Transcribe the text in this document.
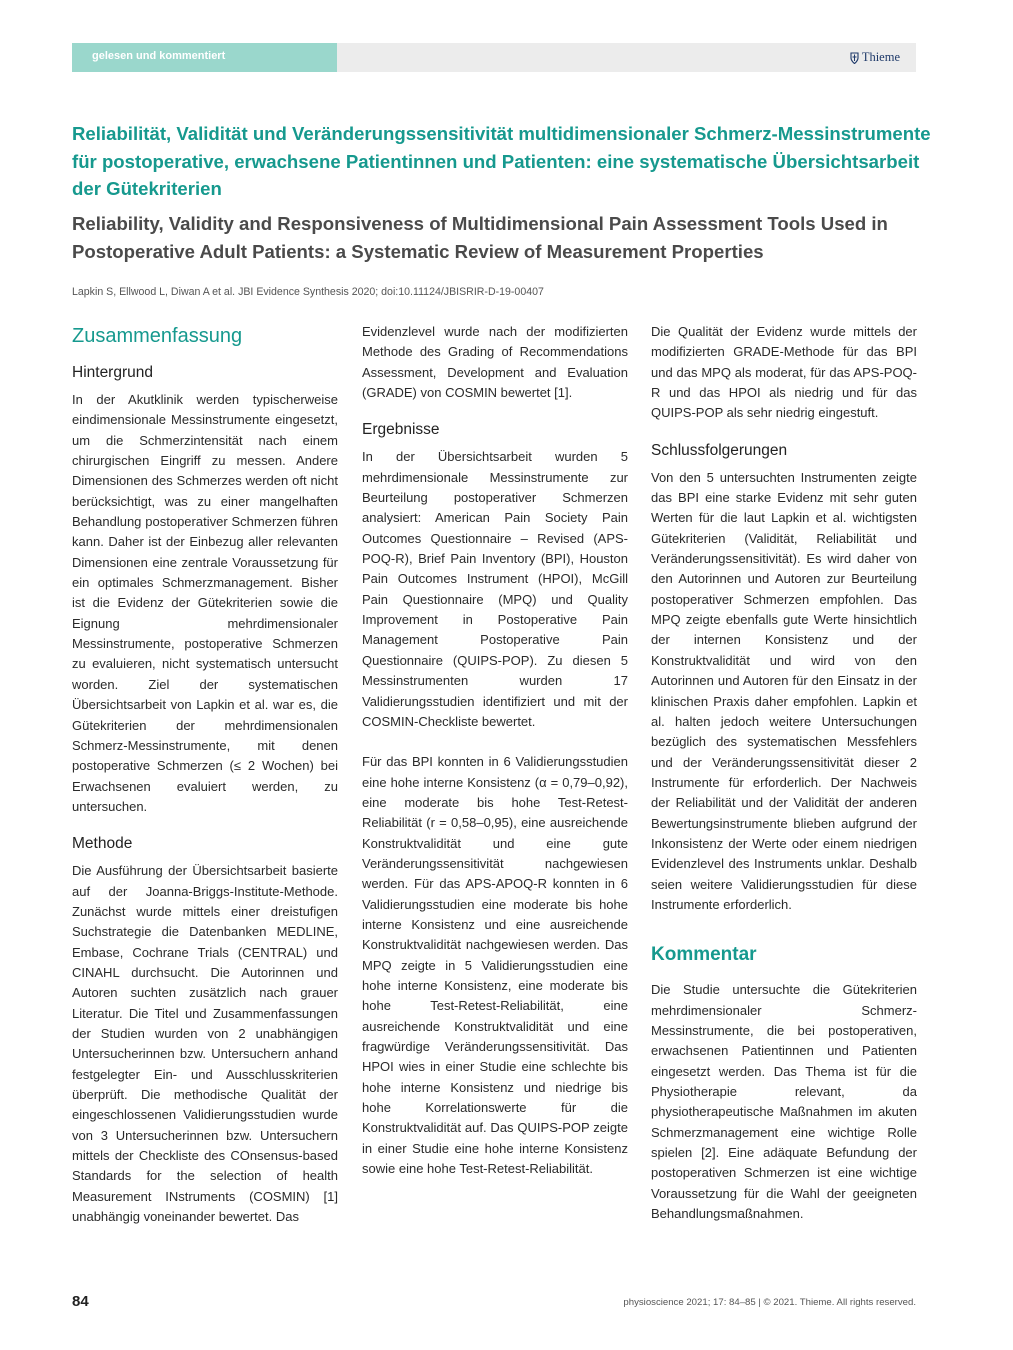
gelesen und kommentiert	Thieme
Reliabilität, Validität und Veränderungssensitivität multidimensionaler Schmerz-Messinstrumente für postoperative, erwachsene Patientinnen und Patienten: eine systematische Übersichtsarbeit der Gütekriterien
Reliability, Validity and Responsiveness of Multidimensional Pain Assessment Tools Used in Postoperative Adult Patients: a Systematic Review of Measurement Properties
Lapkin S, Ellwood L, Diwan A et al. JBI Evidence Synthesis 2020; doi:10.11124/JBISRIR-D-19-00407
Zusammenfassung
Hintergrund

In der Akutklinik werden typischerweise eindimensionale Messinstrumente eingesetzt, um die Schmerzintensität nach einem chirurgischen Eingriff zu messen. Andere Dimensionen des Schmerzes werden oft nicht berücksichtigt, was zu einer mangelhaften Behandlung postoperativer Schmerzen führen kann. Daher ist der Einbezug aller relevanten Dimensionen eine zentrale Voraussetzung für ein optimales Schmerzmanagement. Bisher ist die Evidenz der Gütekriterien sowie die Eignung mehrdimensionaler Messinstrumente, postoperative Schmerzen zu evaluieren, nicht systematisch untersucht worden. Ziel der systematischen Übersichtsarbeit von Lapkin et al. war es, die Gütekriterien der mehrdimensionalen Schmerz-Messinstrumente, mit denen postoperative Schmerzen (≤ 2 Wochen) bei Erwachsenen evaluiert werden, zu untersuchen.

Methode

Die Ausführung der Übersichtsarbeit basierte auf der Joanna-Briggs-Institute-Methode. Zunächst wurde mittels einer dreistufigen Suchstrategie die Datenbanken MEDLINE, Embase, Cochrane Trials (CENTRAL) und CINAHL durchsucht. Die Autorinnen und Autoren suchten zusätzlich nach grauer Literatur. Die Titel und Zusammenfassungen der Studien wurden von 2 unabhängigen Untersucherinnen bzw. Untersuchern anhand festgelegter Ein- und Ausschlusskriterien überprüft. Die methodische Qualität der eingeschlossenen Validierungsstudien wurde von 3 Untersucherinnen bzw. Untersuchern mittels der Checkliste des COnsensus-based Standards for the selection of health Measurement INstruments (COSMIN) [1] unabhängig voneinander bewertet. Das

Evidenzlevel wurde nach der modifizierten Methode des Grading of Recommendations Assessment, Development and Evaluation (GRADE) von COSMIN bewertet [1].

Ergebnisse

In der Übersichtsarbeit wurden 5 mehrdimensionale Messinstrumente zur Beurteilung postoperativer Schmerzen analysiert: American Pain Society Pain Outcomes Questionnaire – Revised (APS-POQ-R), Brief Pain Inventory (BPI), Houston Pain Outcomes Instrument (HPOI), McGill Pain Questionnaire (MPQ) und Quality Improvement in Postoperative Pain Management Postoperative Pain Questionnaire (QUIPS-POP). Zu diesen 5 Messinstrumenten wurden 17 Validierungsstudien identifiziert und mit der COSMIN-Checkliste bewertet.

Für das BPI konnten in 6 Validierungsstudien eine hohe interne Konsistenz (α = 0,79–0,92), eine moderate bis hohe Test-Retest-Reliabilität (r = 0,58–0,95), eine ausreichende Konstruktvalidität und eine gute Veränderungssensitivität nachgewiesen werden. Für das APS-APOQ-R konnten in 6 Validierungsstudien eine moderate bis hohe interne Konsistenz und eine ausreichende Konstruktvalidität nachgewiesen werden. Das MPQ zeigte in 5 Validierungsstudien eine hohe interne Konsistenz, eine moderate bis hohe Test-Retest-Reliabilität, eine ausreichende Konstruktvalidität und eine fragwürdige Veränderungssensitivität. Das HPOI wies in einer Studie eine schlechte bis hohe interne Konsistenz und niedrige bis hohe Korrelationswerte für die Konstruktvalidität auf. Das QUIPS-POP zeigte in einer Studie eine hohe interne Konsistenz sowie eine hohe Test-Retest-Reliabilität.

Die Qualität der Evidenz wurde mittels der modifizierten GRADE-Methode für das BPI und das MPQ als moderat, für das APS-POQ-R und das HPOI als niedrig und für das QUIPS-POP als sehr niedrig eingestuft.

Schlussfolgerungen

Von den 5 untersuchten Instrumenten zeigte das BPI eine starke Evidenz mit sehr guten Werten für die laut Lapkin et al. wichtigsten Gütekriterien (Validität, Reliabilität und Veränderungssensitivität). Es wird daher von den Autorinnen und Autoren zur Beurteilung postoperativer Schmerzen empfohlen. Das MPQ zeigte ebenfalls gute Werte hinsichtlich der internen Konsistenz und der Konstruktvalidität und wird von den Autorinnen und Autoren für den Einsatz in der klinischen Praxis daher empfohlen. Lapkin et al. halten jedoch weitere Untersuchungen bezüglich des systematischen Messfehlers und der Veränderungssensitivität dieser 2 Instrumente für erforderlich. Der Nachweis der Reliabilität und der Validität der anderen Bewertungsinstrumente blieben aufgrund der Inkonsistenz der Werte oder einem niedrigen Evidenzlevel des Instruments unklar. Deshalb seien weitere Validierungsstudien für diese Instrumente erforderlich.

Kommentar

Die Studie untersuchte die Gütekriterien mehrdimensionaler Schmerz-Messinstrumente, die bei postoperativen, erwachsenen Patientinnen und Patienten eingesetzt werden. Das Thema ist für die Physiotherapie relevant, da physiotherapeutische Maßnahmen im akuten Schmerzmanagement eine wichtige Rolle spielen [2]. Eine adäquate Befundung der postoperativen Schmerzen ist eine wichtige Voraussetzung für die Wahl der geeigneten Behandlungsmaßnahmen.

84	physioscience 2021; 17: 84–85 | © 2021. Thieme. All rights reserved.
